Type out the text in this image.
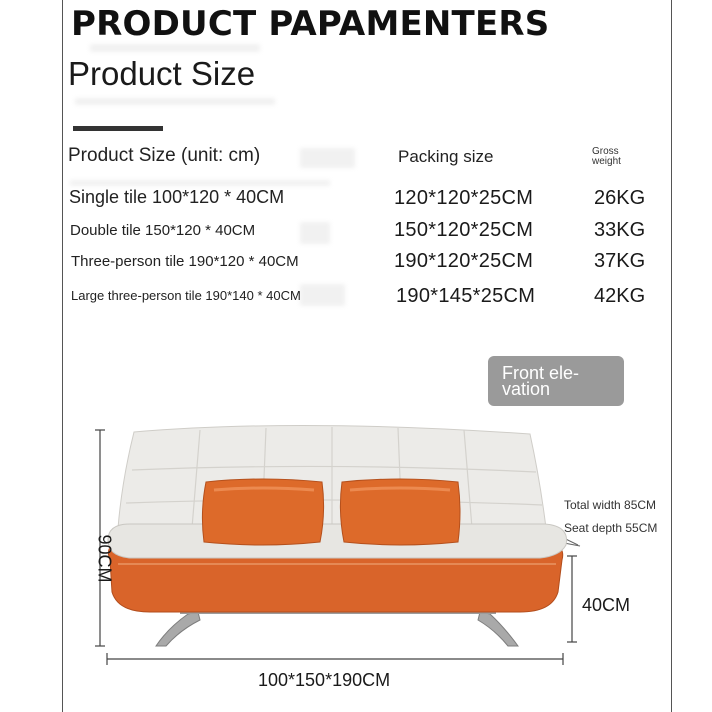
PRODUCT PAPAMENTERS
Product Size
Product Size (unit: cm)	Packing size	Gross weight
Single tile 100*120 * 40CM	120*120*25CM	26KG
Double tile 150*120 * 40CM	150*120*25CM	33KG
Three-person tile 190*120 * 40CM	190*120*25CM	37KG
Large three-person tile 190*140 * 40CM	190*145*25CM	42KG
Front ele- vation
90CM
100*150*190CM
40CM
Total width 85CM
Seat depth 55CM
